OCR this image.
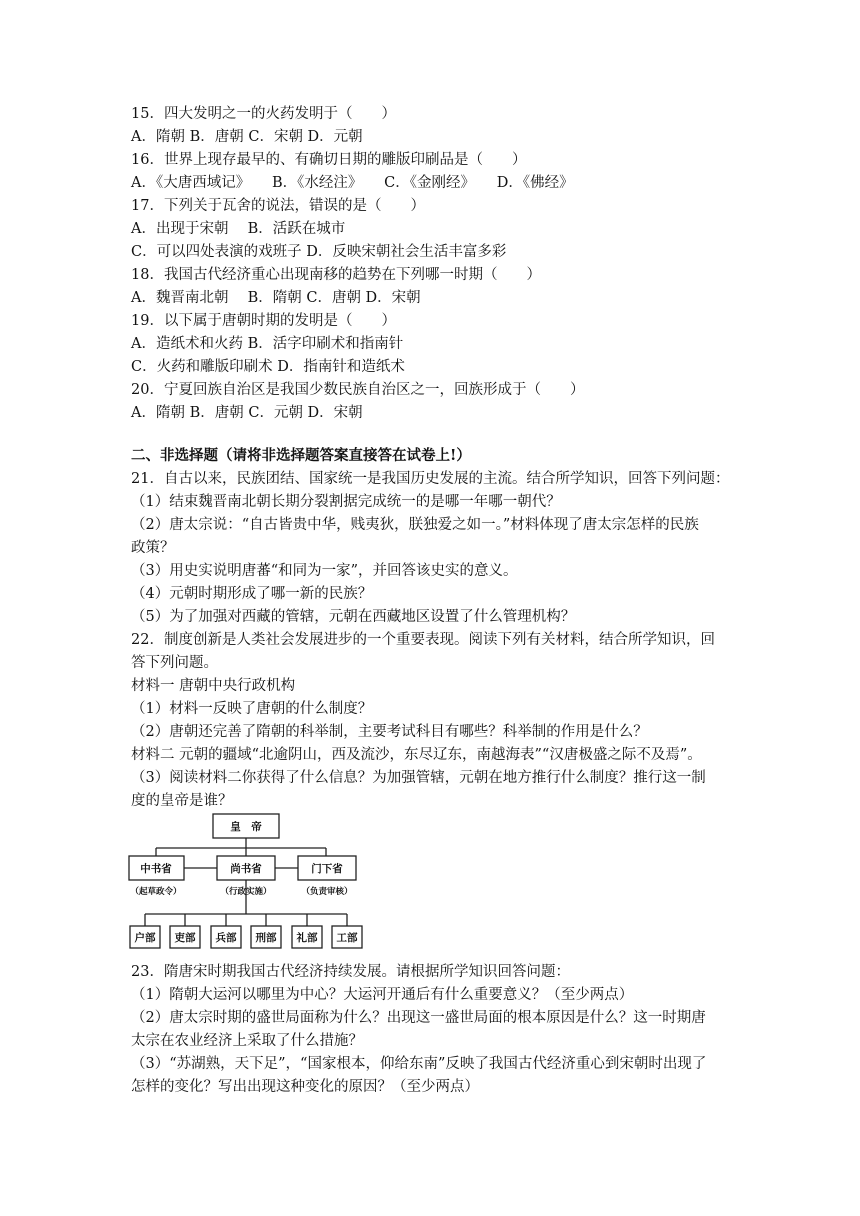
15．四大发明之一的火药发明于（　　）
A．隋朝 B．唐朝 C．宋朝 D．元朝
16．世界上现存最早的、有确切日期的雕版印刷品是（　　）
A．《大唐西域记》　　B．《水经注》　　C．《金刚经》　　D．《佛经》
17．下列关于瓦舍的说法，错误的是（　　）
A．出现于宋朝　 B．活跃在城市
C．可以四处表演的戏班子 D．反映宋朝社会生活丰富多彩
18．我国古代经济重心出现南移的趋势在下列哪一时期（　　）
A．魏晋南北朝　 B．隋朝 C．唐朝 D．宋朝
19．以下属于唐朝时期的发明是（　　）
A．造纸术和火药 B．活字印刷术和指南针
C．火药和雕版印刷术 D．指南针和造纸术
20．宁夏回族自治区是我国少数民族自治区之一，回族形成于（　　）
A．隋朝 B．唐朝 C．元朝 D．宋朝
二、非选择题（请将非选择题答案直接答在试卷上!）
21．自古以来，民族团结、国家统一是我国历史发展的主流。结合所学知识，回答下列问题：
（1）结束魏晋南北朝长期分裂割据完成统一的是哪一年哪一朝代？
（2）唐太宗说：“自古皆贵中华，贱夷狄，朕独爱之如一。”材料体现了唐太宗怎样的民族
政策？
（3）用史实说明唐蕃“和同为一家”，并回答该史实的意义。
（4）元朝时期形成了哪一新的民族？
（5）为了加强对西藏的管辖，元朝在西藏地区设置了什么管理机构？
22．制度创新是人类社会发展进步的一个重要表现。阅读下列有关材料，结合所学知识，回
答下列问题。
材料一 唐朝中央行政机构
（1）材料一反映了唐朝的什么制度？
（2）唐朝还完善了隋朝的科举制，主要考试科目有哪些？科举制的作用是什么？
材料二 元朝的疆域“北逾阴山，西及流沙，东尽辽东，南越海表”“汉唐极盛之际不及焉”。
（3）阅读材料二你获得了什么信息？为加强管辖，元朝在地方推行什么制度？推行这一制
度的皇帝是谁？
皇　帝
中书省	尚书省	门下省
（起草政令）	（行政实施）	（负责审核）
户部 吏部 兵部 刑部 礼部 工部
23．隋唐宋时期我国古代经济持续发展。请根据所学知识回答问题：
（1）隋朝大运河以哪里为中心？大运河开通后有什么重要意义？（至少两点）
（2）唐太宗时期的盛世局面称为什么？出现这一盛世局面的根本原因是什么？这一时期唐
太宗在农业经济上采取了什么措施？
（3）“苏湖熟，天下足”，“国家根本，仰给东南”反映了我国古代经济重心到宋朝时出现了
怎样的变化？写出出现这种变化的原因？（至少两点）
